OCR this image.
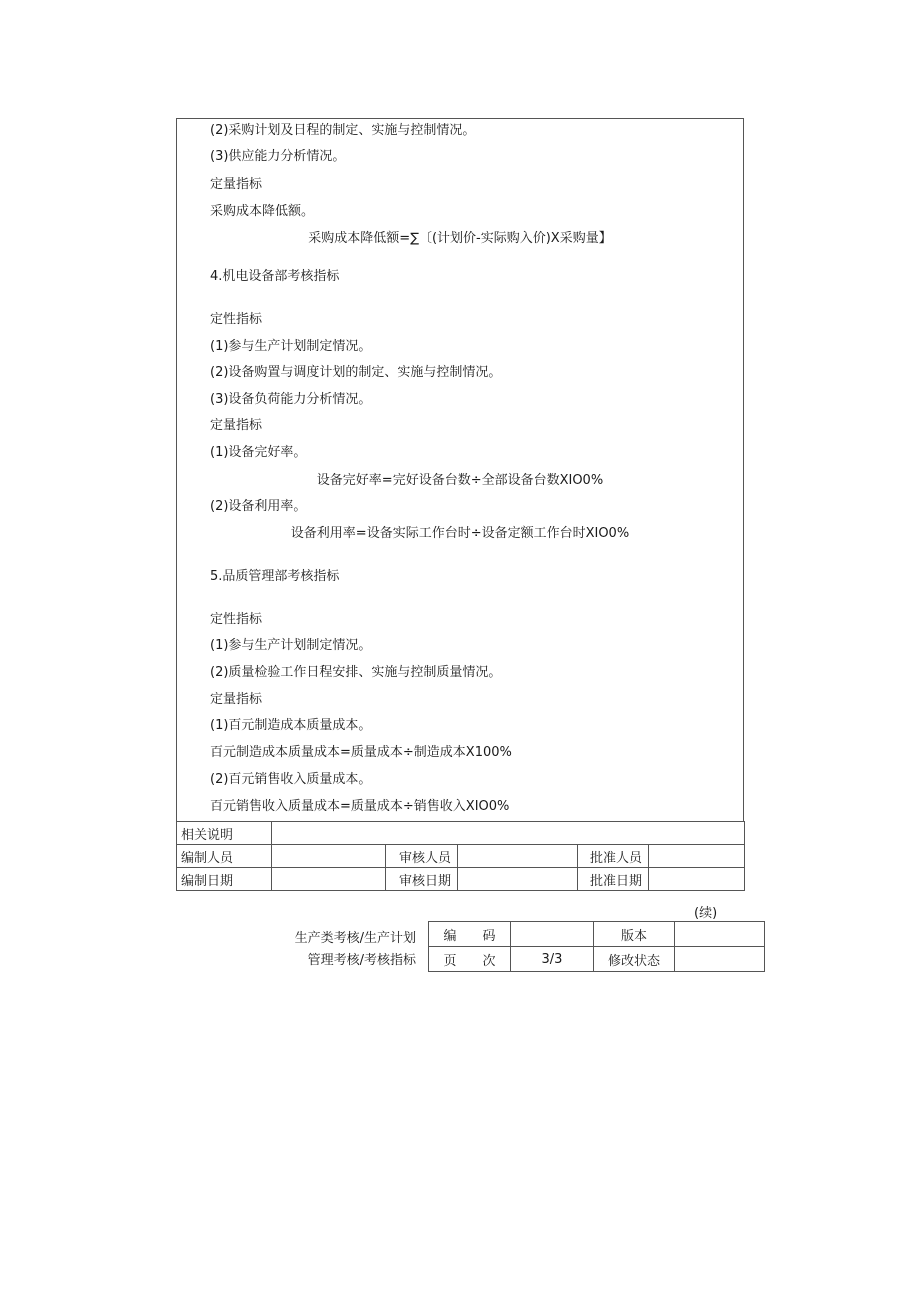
(2)采购计划及日程的制定、实施与控制情况。
(3)供应能力分析情况。
定量指标
采购成本降低额。
采购成本降低额=∑〔(计划价-实际购入价)X采购量】
4.机电设备部考核指标
定性指标
(1)参与生产计划制定情况。
(2)设备购置与调度计划的制定、实施与控制情况。
(3)设备负荷能力分析情况。
定量指标
(1)设备完好率。
设备完好率=完好设备台数÷全部设备台数XIO0%
(2)设备利用率。
设备利用率=设备实际工作台时÷设备定额工作台时XIO0%
5.品质管理部考核指标
定性指标
(1)参与生产计划制定情况。
(2)质量检验工作日程安排、实施与控制质量情况。
定量指标
(1)百元制造成本质量成本。
百元制造成本质量成本=质量成本÷制造成本X100%
(2)百元销售收入质量成本。
百元销售收入质量成本=质量成本÷销售收入XIO0%
相关说明					
编制人员		审核人员		批准人员	
编制日期		审核日期		批准日期	
(续)
生产类考核/生产计划
管理考核/考核指标
编　　码		版本	
页　　次	3/3	修改状态	
